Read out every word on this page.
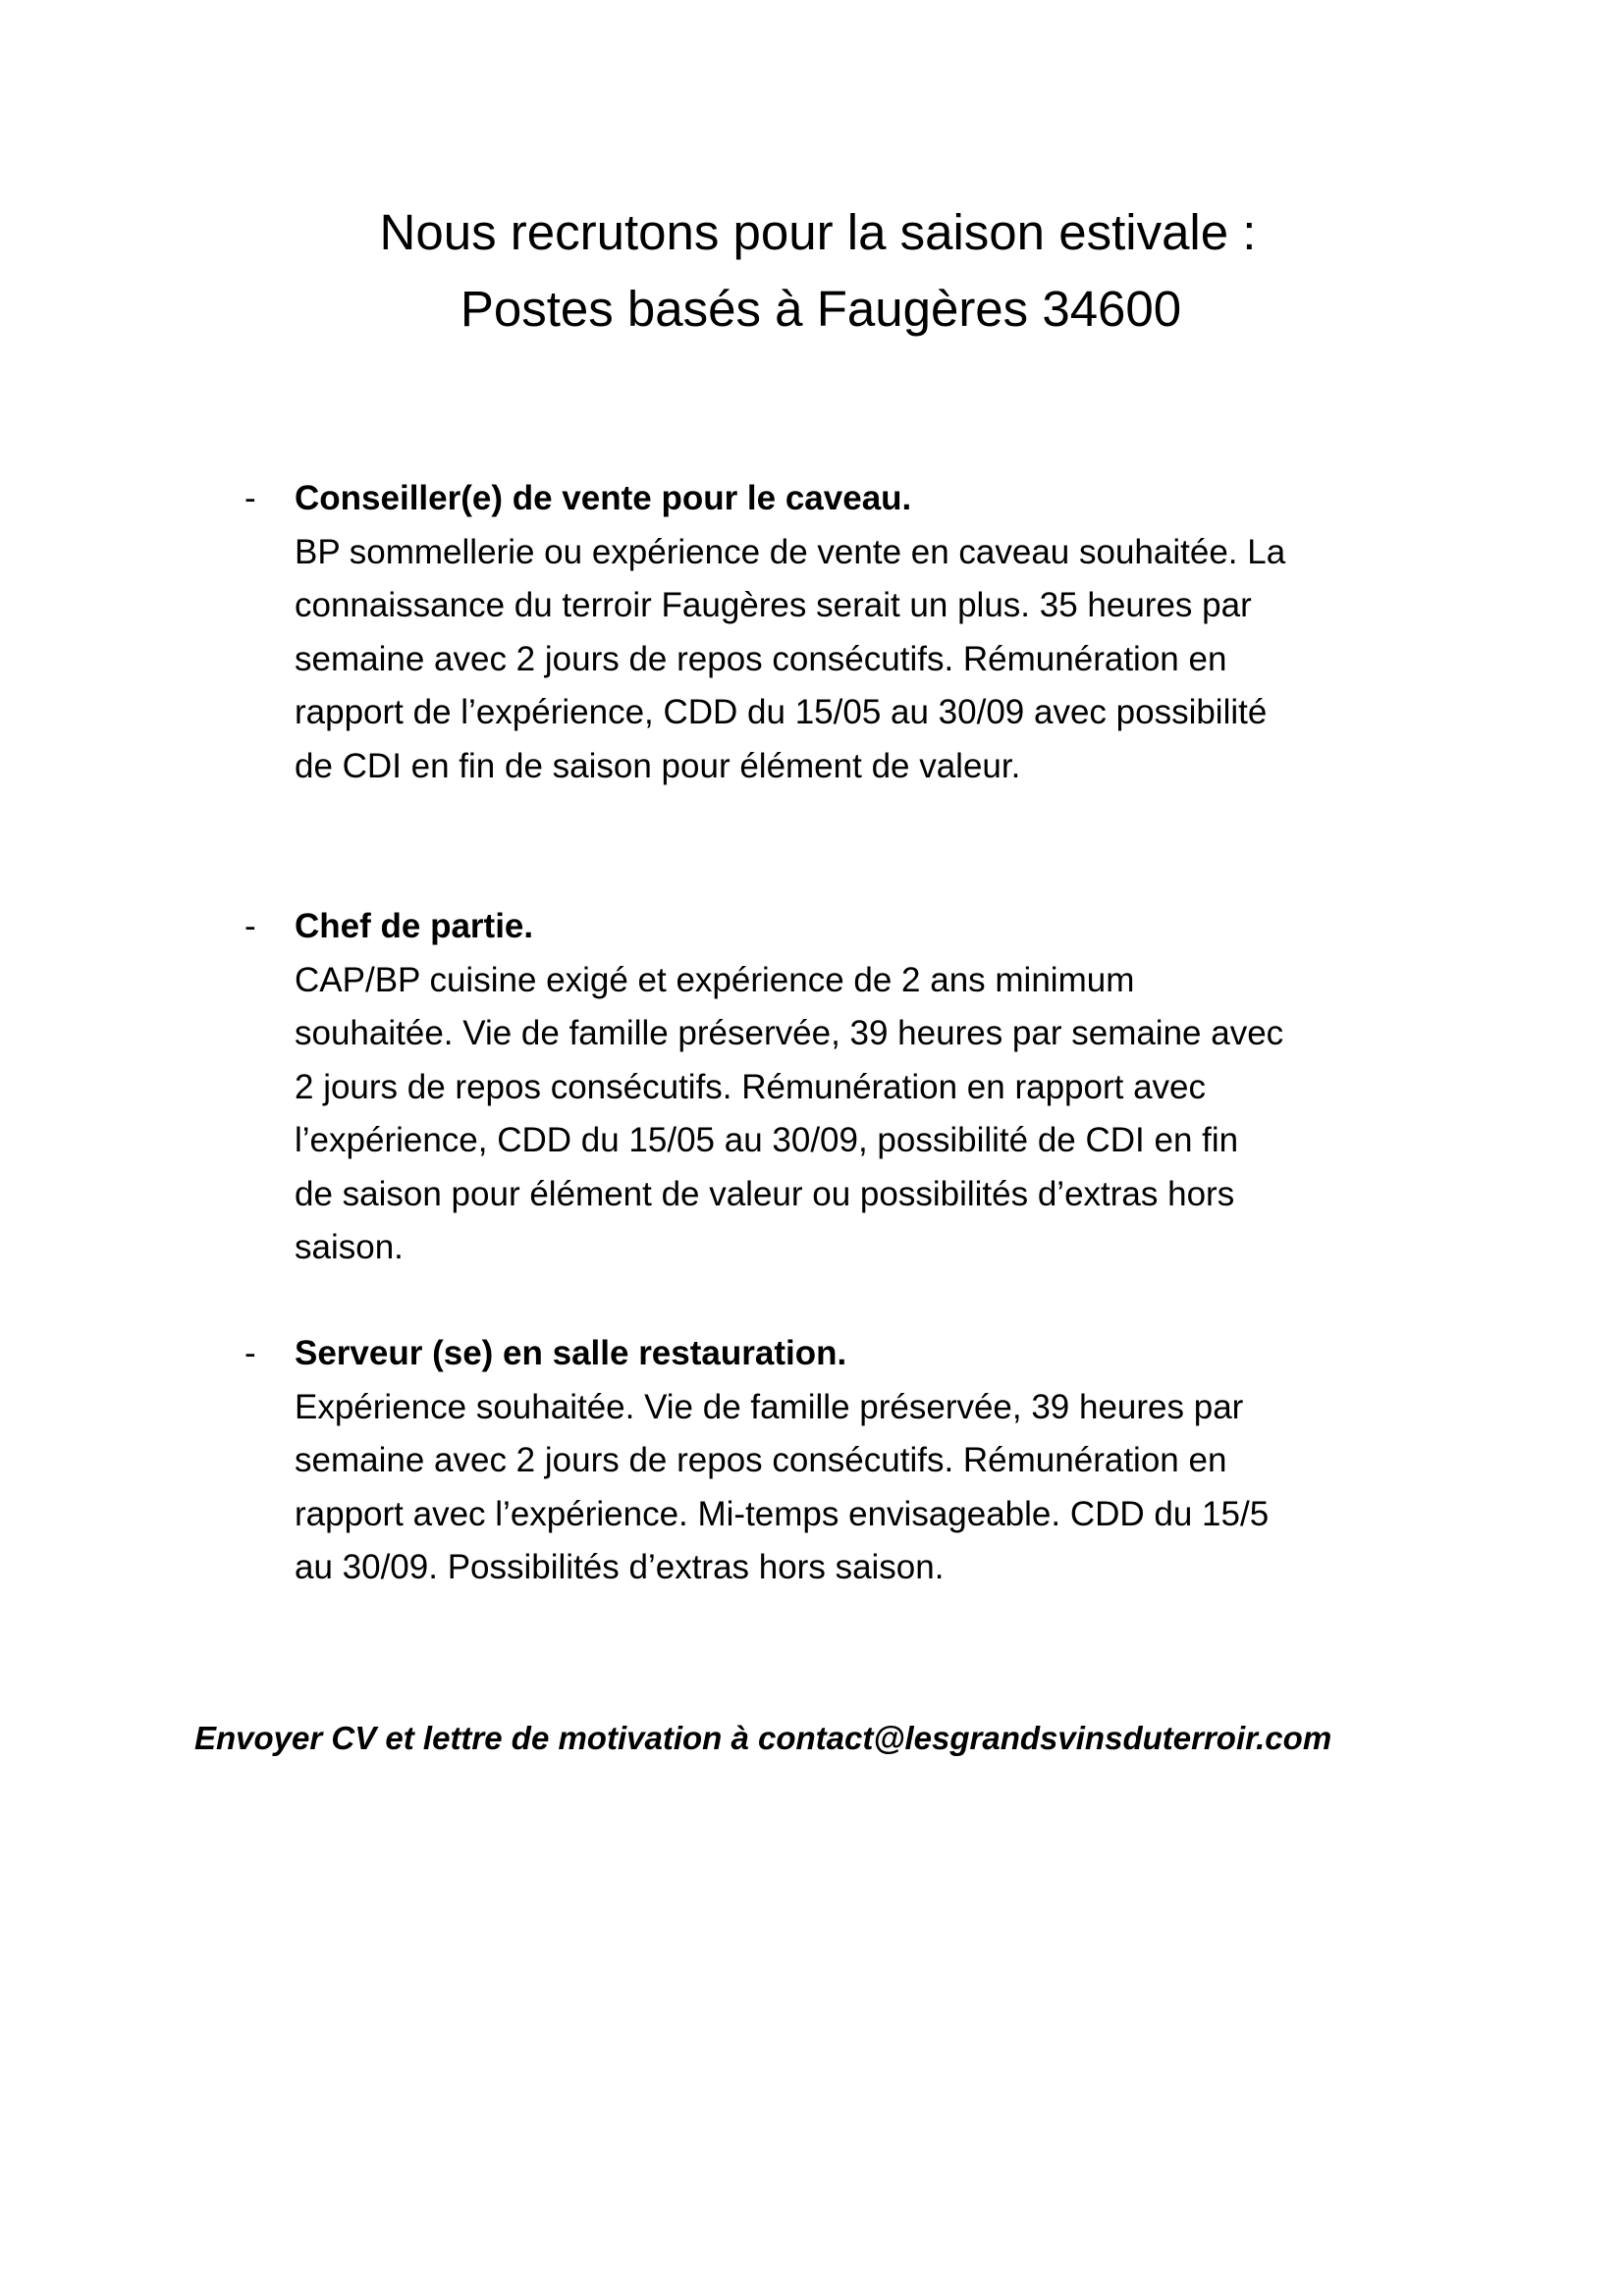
Nous recrutons pour la saison estivale :
Postes basés à Faugères 34600
- Conseiller(e) de vente pour le caveau.
BP sommellerie ou expérience de vente en caveau souhaitée. La
connaissance du terroir Faugères serait un plus. 35 heures par
semaine avec 2 jours de repos consécutifs. Rémunération en
rapport de l’expérience, CDD du 15/05 au 30/09 avec possibilité
de CDI en fin de saison pour élément de valeur.
- Chef de partie.
CAP/BP cuisine exigé et expérience de 2 ans minimum
souhaitée. Vie de famille préservée, 39 heures par semaine avec
2 jours de repos consécutifs. Rémunération en rapport avec
l’expérience, CDD du 15/05 au 30/09, possibilité de CDI en fin
de saison pour élément de valeur ou possibilités d’extras hors
saison.
- Serveur (se) en salle restauration.
Expérience souhaitée. Vie de famille préservée, 39 heures par
semaine avec 2 jours de repos consécutifs. Rémunération en
rapport avec l’expérience. Mi-temps envisageable. CDD du 15/5
au 30/09. Possibilités d’extras hors saison.
Envoyer CV et lettre de motivation à contact@lesgrandsvinsduterroir.com
